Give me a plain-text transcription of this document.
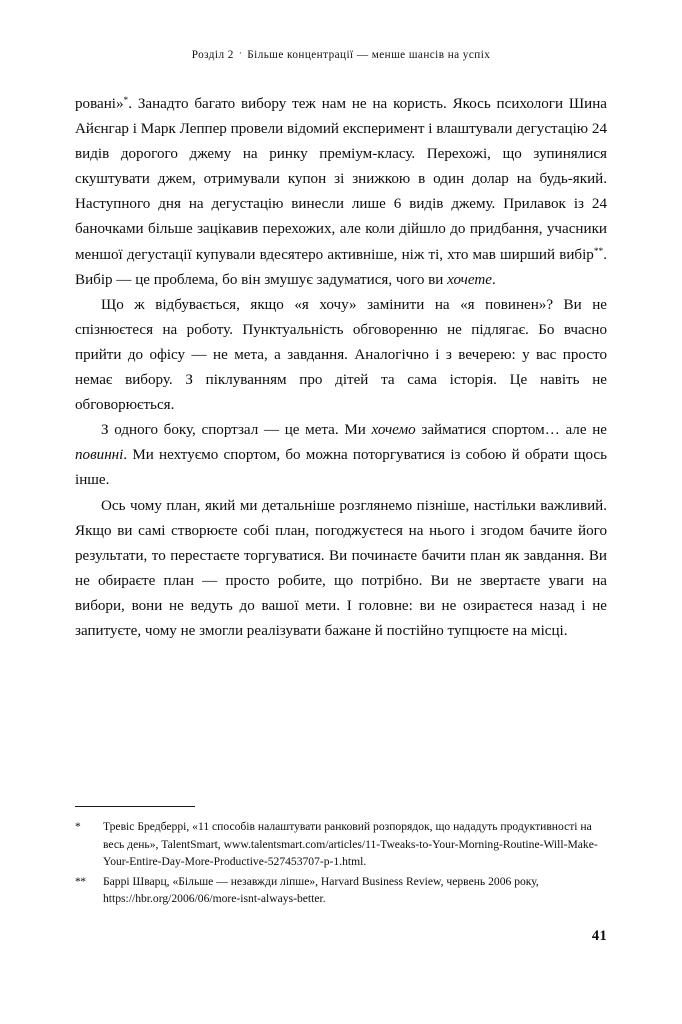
Розділ 2 · Більше концентрації — менше шансів на успіх

ровані»*. Занадто багато вибору теж нам не на користь. Якось психологи Шина Айєнгар і Марк Леппер провели відомий експеримент і влаштували дегустацію 24 видів дорогого джему на ринку преміум-класу. Перехожі, що зупинялися скуштувати джем, отримували купон зі знижкою в один долар на будь-який. Наступного дня на дегустацію винесли лише 6 видів джему. Прилавок із 24 баночками більше зацікавив перехожих, але коли дійшло до придбання, учасники меншої дегустації купували вдесятеро активніше, ніж ті, хто мав ширший вибір**. Вибір — це проблема, бо він змушує задуматися, чого ви хочете.

Що ж відбувається, якщо «я хочу» замінити на «я повинен»? Ви не спізнюєтеся на роботу. Пунктуальність обговоренню не підлягає. Бо вчасно прийти до офісу — не мета, а завдання. Аналогічно і з вечерею: у вас просто немає вибору. З піклуванням про дітей та сама історія. Це навіть не обговорюється.

З одного боку, спортзал — це мета. Ми хочемо займатися спортом… але не повинні. Ми нехтуємо спортом, бо можна поторгуватися із собою й обрати щось інше.

Ось чому план, який ми детальніше розглянемо пізніше, настільки важливий. Якщо ви самі створюєте собі план, погоджуєтеся на нього і згодом бачите його результати, то перестаєте торгуватися. Ви починаєте бачити план як завдання. Ви не обираєте план — просто робите, що потрібно. Ви не звертаєте уваги на вибори, вони не ведуть до вашої мети. І головне: ви не озираєтеся назад і не запитуєте, чому не змогли реалізувати бажане й постійно тупцюєте на місці.

*	Тревіс Бредберрі, «11 способів налаштувати ранковий розпорядок, що нададуть продуктивності на весь день», TalentSmart, www.talentsmart.com/articles/11-Tweaks-to-Your-Morning-Routine-Will-Make-Your-Entire-Day-More-Productive-527453707-p-1.html.
**	Баррі Шварц, «Більше — незавжди ліпше», Harvard Business Review, червень 2006 року, https://hbr.org/2006/06/more-isnt-always-better.
41
